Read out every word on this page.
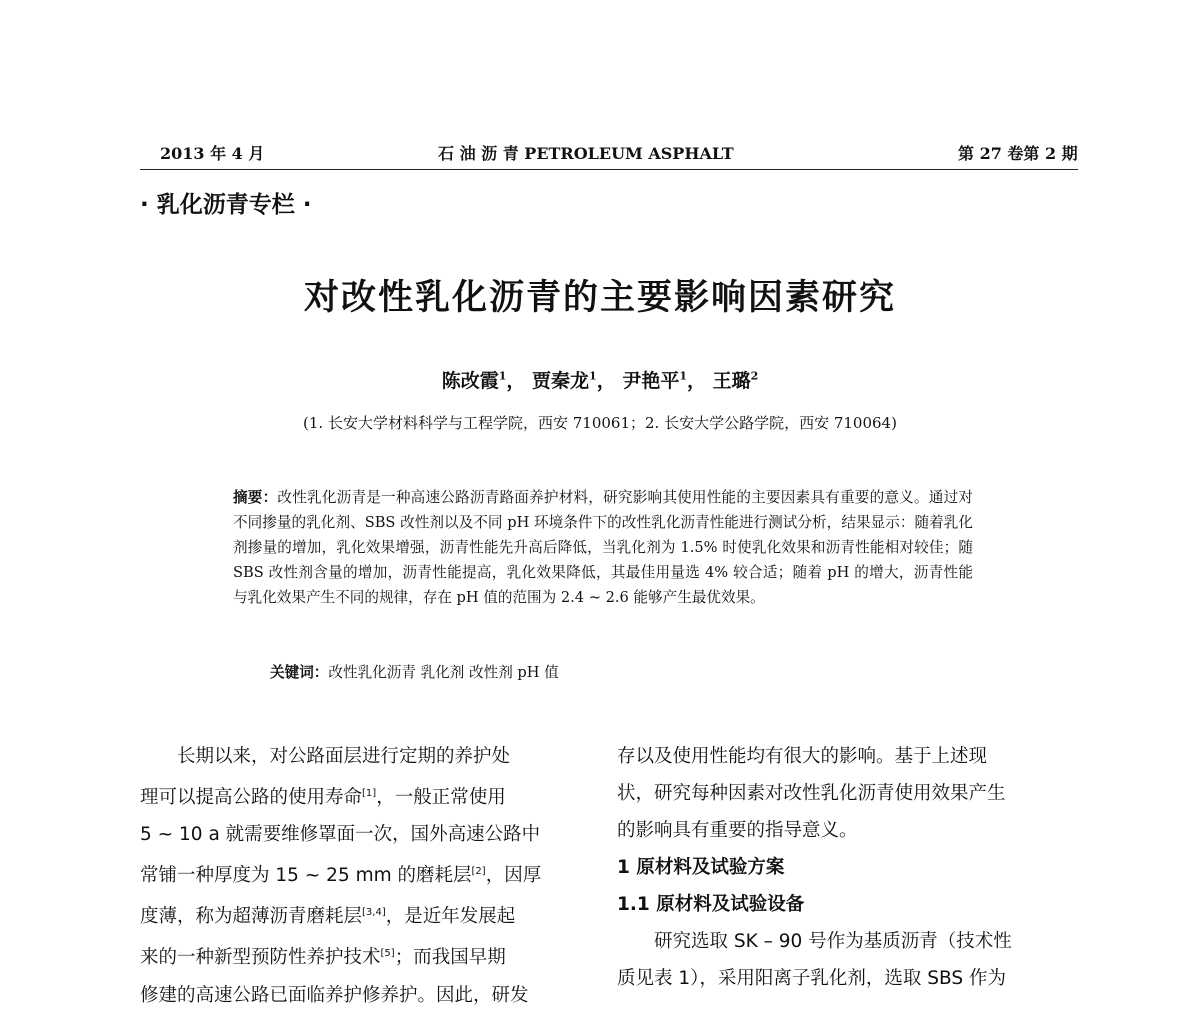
2013 年 4 月	石 油 沥 青 PETROLEUM ASPHALT	第 27 卷第 2 期
· 乳化沥青专栏 ·
对改性乳化沥青的主要影响因素研究
陈改霞$^1$， 贾秦龙$^1$， 尹艳平$^1$， 王璐$^2$
(1. 长安大学材料科学与工程学院，西安 710061；2. 长安大学公路学院，西安 710064)
摘要：改性乳化沥青是一种高速公路沥青路面养护材料，研究影响其使用性能的主要因素具有重要的意义。通过对不同掺量的乳化剂、SBS 改性剂以及不同 pH 环境条件下的改性乳化沥青性能进行测试分析，结果显示：随着乳化剂掺量的增加，乳化效果增强，沥青性能先升高后降低，当乳化剂为 1.5% 时使乳化效果和沥青性能相对较佳；随 SBS 改性剂含量的增加，沥青性能提高，乳化效果降低，其最佳用量选 4% 较合适；随着 pH 的增大，沥青性能与乳化效果产生不同的规律，存在 pH 值的范围为 2.4 ~ 2.6 能够产生最优效果。
关键词：改性乳化沥青 乳化剂 改性剂 pH 值

长期以来，对公路面层进行定期的养护处

理可以提高公路的使用寿命[1]，一般正常使用

5 ~ 10 a 就需要维修罩面一次，国外高速公路中

常铺一种厚度为 15 ~ 25 mm 的磨耗层[2]，因厚

度薄，称为超薄沥青磨耗层[3,4]，是近年发展起

来的一种新型预防性养护技术[5]；而我国早期

修建的高速公路已面临养护修养护。因此，研发

存以及使用性能均有很大的影响。基于上述现

状，研究每种因素对改性乳化沥青使用效果产生

的影响具有重要的指导意义。

1 原材料及试验方案

1.1 原材料及试验设备

研究选取 SK – 90 号作为基质沥青（技术性

质见表 1），采用阳离子乳化剂，选取 SBS 作为
